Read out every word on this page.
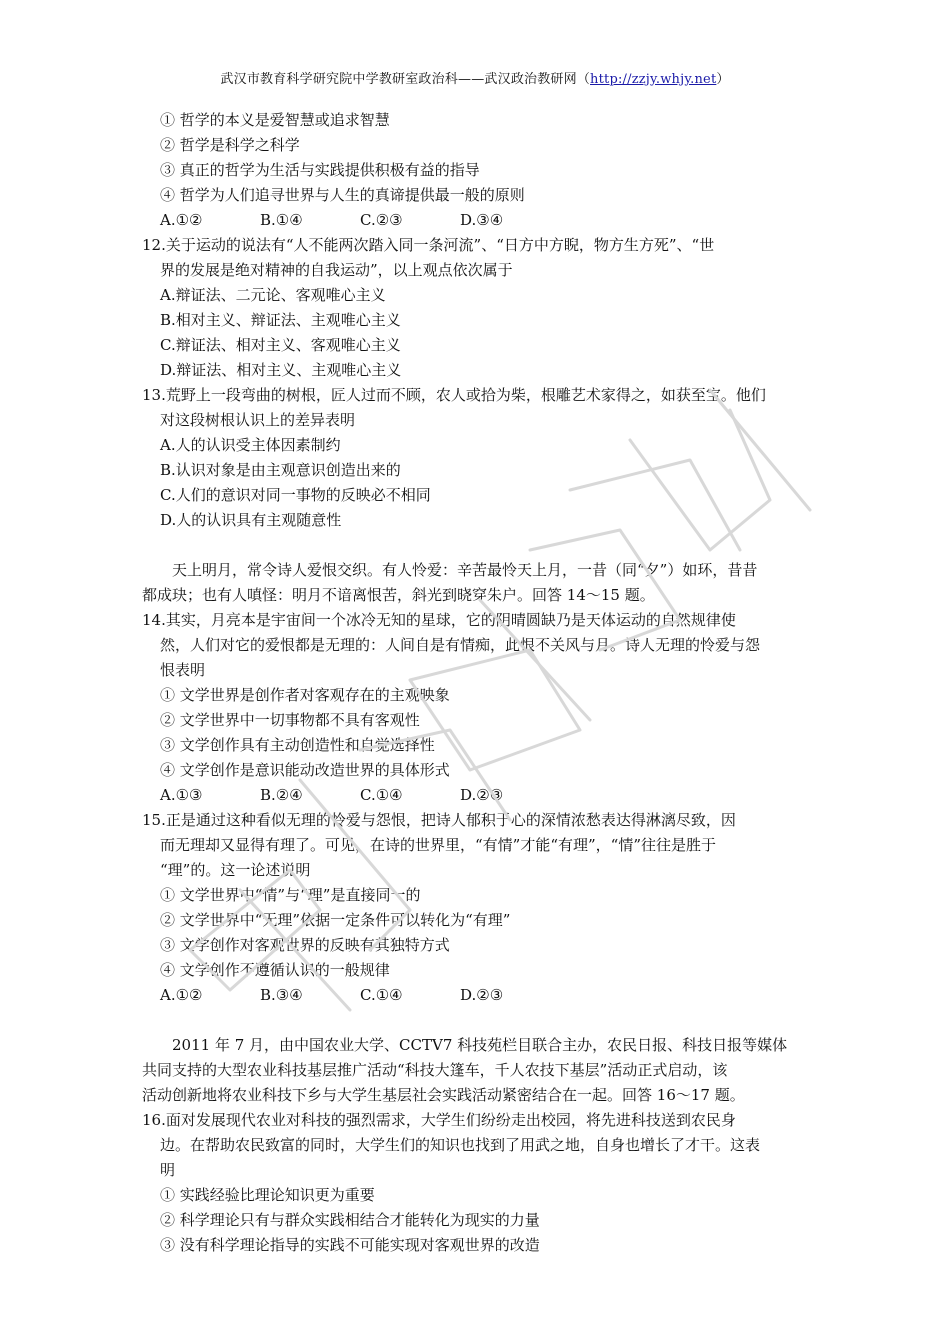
武汉市教育科学研究院中学教研室政治科——武汉政治教研网（http://zzjy.whjy.net）
① 哲学的本义是爱智慧或追求智慧
② 哲学是科学之科学
③ 真正的哲学为生活与实践提供积极有益的指导
④ 哲学为人们追寻世界与人生的真谛提供最一般的原则
A.①②	B.①④	C.②③	D.③④
12.关于运动的说法有“人不能两次踏入同一条河流”、“日方中方睨，物方生方死”、“世
界的发展是绝对精神的自我运动”，以上观点依次属于
A.辩证法、二元论、客观唯心主义
B.相对主义、辩证法、主观唯心主义
C.辩证法、相对主义、客观唯心主义
D.辩证法、相对主义、主观唯心主义
13.荒野上一段弯曲的树根，匠人过而不顾，农人或拾为柴，根雕艺术家得之，如获至宝。他们
对这段树根认识上的差异表明
A.人的认识受主体因素制约
B.认识对象是由主观意识创造出来的
C.人们的意识对同一事物的反映必不相同
D.人的认识具有主观随意性
天上明月，常令诗人爱恨交织。有人怜爱：辛苦最怜天上月，一昔（同“夕”）如环，昔昔
都成玦；也有人嗔怪：明月不谙离恨苦，斜光到晓穿朱户。回答 14～15 题。
14.其实，月亮本是宇宙间一个冰冷无知的星球，它的阴晴圆缺乃是天体运动的自然规律使
然，人们对它的爱恨都是无理的：人间自是有情痴，此恨不关风与月。诗人无理的怜爱与怨
恨表明
① 文学世界是创作者对客观存在的主观映象
② 文学世界中一切事物都不具有客观性
③ 文学创作具有主动创造性和自觉选择性
④ 文学创作是意识能动改造世界的具体形式
A.①③	B.②④	C.①④	D.②③
15.正是通过这种看似无理的怜爱与怨恨，把诗人郁积于心的深情浓愁表达得淋漓尽致，因
而无理却又显得有理了。可见，在诗的世界里，“有情”才能“有理”，“情”往往是胜于
“理”的。这一论述说明
① 文学世界中“情”与“理”是直接同一的
② 文学世界中“无理”依据一定条件可以转化为“有理”
③ 文学创作对客观世界的反映有其独特方式
④ 文学创作不遵循认识的一般规律
A.①②	B.③④	C.①④	D.②③
2011 年 7 月，由中国农业大学、CCTV7 科技苑栏目联合主办，农民日报、科技日报等媒体
共同支持的大型农业科技基层推广活动“科技大篷车，千人农技下基层”活动正式启动，该
活动创新地将农业科技下乡与大学生基层社会实践活动紧密结合在一起。回答 16～17 题。
16.面对发展现代农业对科技的强烈需求，大学生们纷纷走出校园，将先进科技送到农民身
边。在帮助农民致富的同时，大学生们的知识也找到了用武之地，自身也增长了才干。这表
明
① 实践经验比理论知识更为重要
② 科学理论只有与群众实践相结合才能转化为现实的力量
③ 没有科学理论指导的实践不可能实现对客观世界的改造
